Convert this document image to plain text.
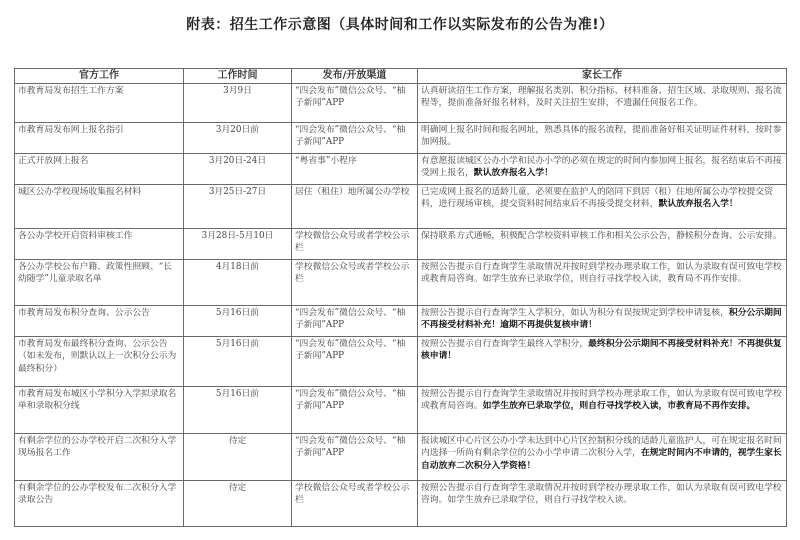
附表：招生工作示意图（具体时间和工作以实际发布的公告为准!）
官方工作	工作时间	发布/开放渠道	家长工作
市教育局发布招生工作方案	3月9日	“四会发布”微信公众号、“柚子新闻”APP	认真研读招生工作方案，理解报名类别、积分指标、材料准备、招生区域、录取规则、报名流程等，提前准备好报名材料，及时关注招生安排，不遗漏任何报名工作。
市教育局发布网上报名指引	3月20日前	“四会发布”微信公众号、“柚子新闻”APP	明确网上报名时间和报名网址，熟悉具体的报名流程，提前准备好相关证明证件材料，按时参加网报。
正式开放网上报名	3月20日-24日	“粤省事”小程序	有意愿报读城区公办小学和民办小学的必须在规定的时间内参加网上报名，报名结束后不再接受网上报名，默认放弃报名入学！
城区公办学校现场收集报名材料	3月25日-27日	居住（租住）地所属公办学校	已完成网上报名的适龄儿童，必须要在监护人的陪同下到居（租）住地所属公办学校提交资料，进行现场审核，提交资料时间结束后不再接受提交材料，默认放弃报名入学！
各公办学校开启资料审核工作	3月28日-5月10日	学校微信公众号或者学校公示栏	保持联系方式通畅，积极配合学校资料审核工作和相关公示公告，静候积分查询、公示安排。
各公办学校公布户籍、政策性照顾、“长幼随学”儿童录取名单	4月18日前	学校微信公众号或者学校公示栏	按照公告提示自行查询学生录取情况并按时到学校办理录取工作，如认为录取有误可致电学校或教育局咨询。如学生放弃已录取学位，则自行寻找学校入读，教育局不再作安排。
市教育局发布积分查询、公示公告	5月16日前	“四会发布”微信公众号、“柚子新闻”APP	按照公告提示自行查询学生入学积分，如认为积分有误按规定到学校申请复核，积分公示期间不再接受材料补充！逾期不再提供复核申请！
市教育局发布最终积分查询、公示公告（如未发布，则默认以上一次积分公示为最终积分）	5月16日前	“四会发布”微信公众号、“柚子新闻”APP	按照公告提示自行查询学生最终入学积分，最终积分公示期间不再接受材料补充！不再提供复核申请！
市教育局发布城区小学积分入学拟录取名单和录取积分线	5月16日前	“四会发布”微信公众号、“柚子新闻”APP	按照公告提示自行查询学生录取情况并按时到学校办理录取工作，如认为录取有误可致电学校或教育局咨询。如学生放弃已录取学位，则自行寻找学校入读，市教育局不再作安排。
有剩余学位的公办学校开启二次积分入学现场报名工作	待定	“四会发布”微信公众号、“柚子新闻”APP	报读城区中心片区公办小学未达到中心片区控制积分线的适龄儿童监护人，可在规定报名时间内选择一所尚有剩余学位的公办小学申请二次积分入学，在规定时间内不申请的，视学生家长自动放弃二次积分入学资格！
有剩余学位的公办学校发布二次积分入学录取公告	待定	学校微信公众号或者学校公示栏	按照公告提示自行查询学生录取情况并按时到学校办理录取工作，如认为录取有误可致电学校咨询。如学生放弃已录取学位，则自行寻找学校入读。
